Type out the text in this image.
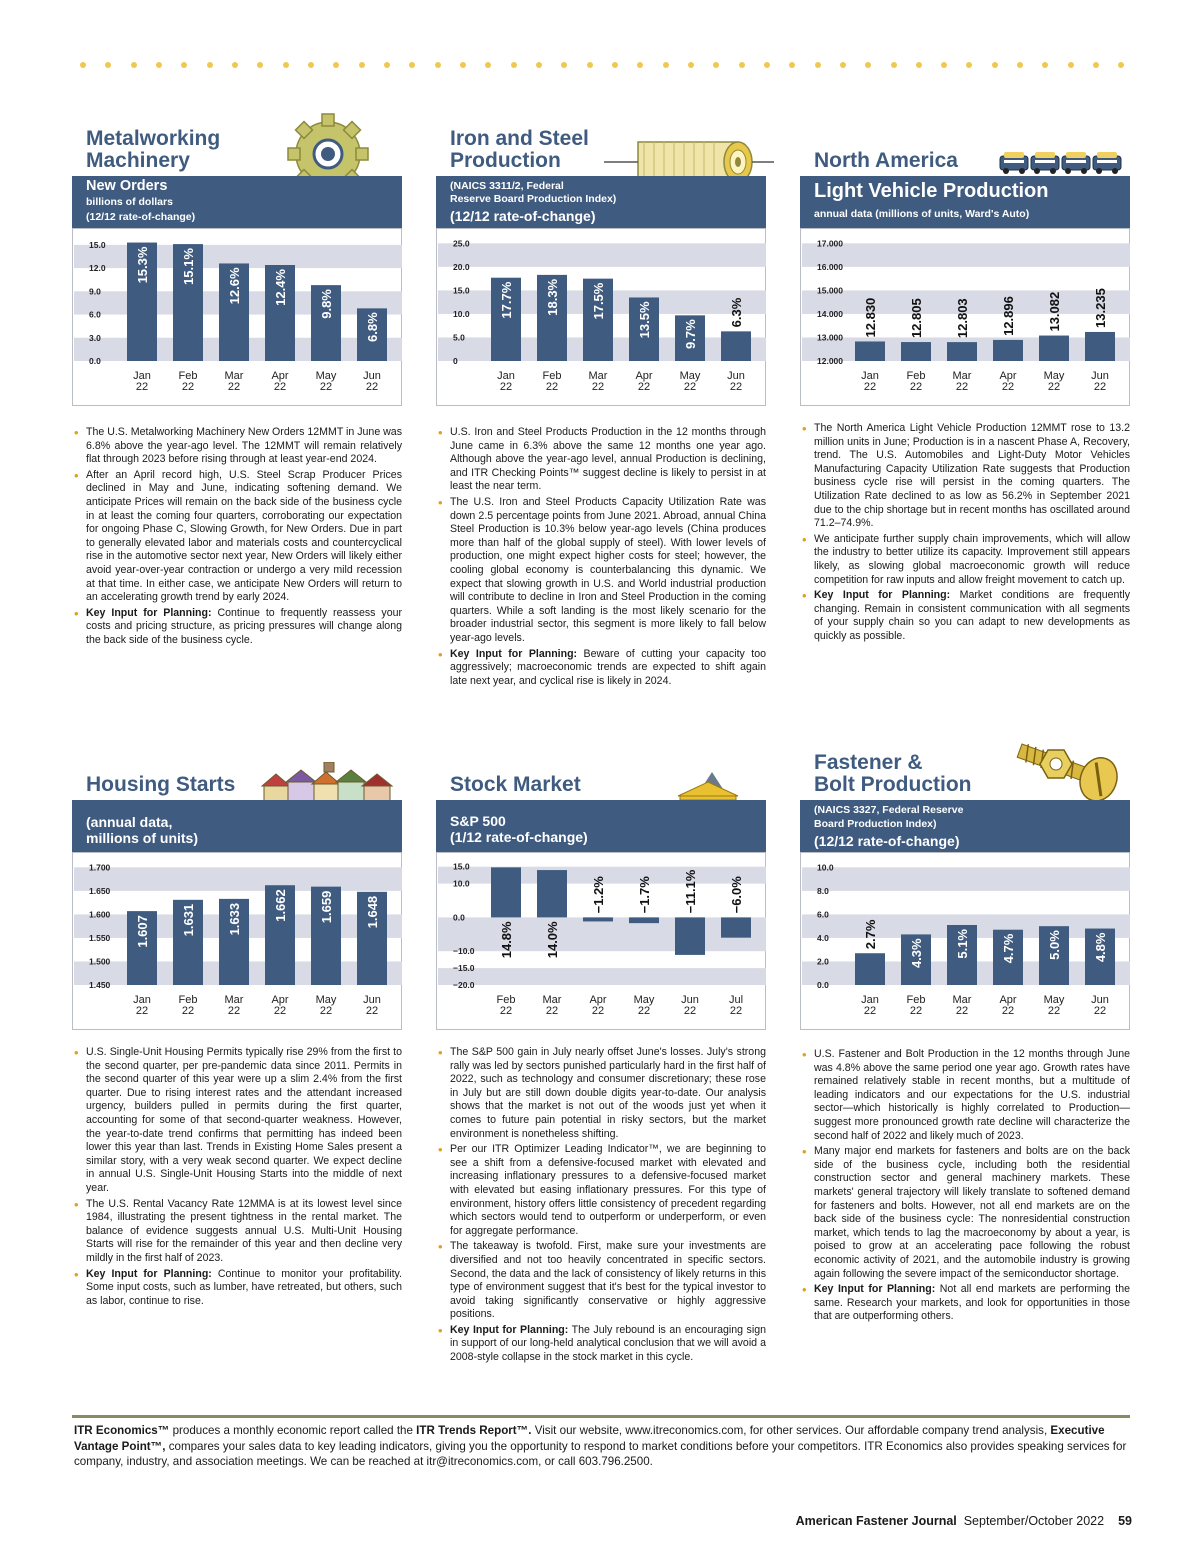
Metalworking
Machinery
New Orders
billions of dollars
(12/12 rate-of-change)
0.0
3.0
6.0
9.0
12.0
15.0
15.3%
Jan
22
15.1%
Feb
22
12.6%
Mar
22
12.4%
Apr
22
9.8%
May
22
6.8%
Jun
22
• The U.S. Metalworking Machinery New Orders 12MMT in June was 6.8% above the year-ago level. The 12MMT will remain relatively flat through 2023 before rising through at least year-end 2024.
• After an April record high, U.S. Steel Scrap Producer Prices declined in May and June, indicating softening demand. We anticipate Prices will remain on the back side of the business cycle in at least the coming four quarters, corroborating our expectation for ongoing Phase C, Slowing Growth, for New Orders. Due in part to generally elevated labor and materials costs and countercyclical rise in the automotive sector next year, New Orders will likely either avoid year-over-year contraction or undergo a very mild recession at that time. In either case, we anticipate New Orders will return to an accelerating growth trend by early 2024.
• Key Input for Planning: Continue to frequently reassess your costs and pricing structure, as pricing pressures will change along the back side of the business cycle.
Iron and Steel
Production
(NAICS 3311/2, Federal
Reserve Board Production Index)
(12/12 rate-of-change)
0
5.0
10.0
15.0
20.0
25.0
17.7%
Jan
22
18.3%
Feb
22
17.5%
Mar
22
13.5%
Apr
22
9.7%
May
22
6.3%
Jun
22
• U.S. Iron and Steel Products Production in the 12 months through June came in 6.3% above the same 12 months one year ago. Although above the year-ago level, annual Production is declining, and ITR Checking Points™ suggest decline is likely to persist in at least the near term.
• The U.S. Iron and Steel Products Capacity Utilization Rate was down 2.5 percentage points from June 2021. Abroad, annual China Steel Production is 10.3% below year-ago levels (China produces more than half of the global supply of steel). With lower levels of production, one might expect higher costs for steel; however, the cooling global economy is counterbalancing this dynamic. We expect that slowing growth in U.S. and World industrial production will contribute to decline in Iron and Steel Production in the coming quarters. While a soft landing is the most likely scenario for the broader industrial sector, this segment is more likely to fall below year-ago levels.
• Key Input for Planning: Beware of cutting your capacity too aggressively; macroeconomic trends are expected to shift again late next year, and cyclical rise is likely in 2024.
North America
Light Vehicle Production
annual data (millions of units, Ward's Auto)
12.000
13.000
14.000
15.000
16.000
17.000
12.830
Jan
22
12.805
Feb
22
12.803
Mar
22
12.896
Apr
22
13.082
May
22
13.235
Jun
22
• The North America Light Vehicle Production 12MMT rose to 13.2 million units in June; Production is in a nascent Phase A, Recovery, trend. The U.S. Automobiles and Light-Duty Motor Vehicles Manufacturing Capacity Utilization Rate suggests that Production business cycle rise will persist in the coming quarters. The Utilization Rate declined to as low as 56.2% in September 2021 due to the chip shortage but in recent months has oscillated around 71.2–74.9%.
• We anticipate further supply chain improvements, which will allow the industry to better utilize its capacity. Improvement still appears likely, as slowing global macroeconomic growth will reduce competition for raw inputs and allow freight movement to catch up.
• Key Input for Planning: Market conditions are frequently changing. Remain in consistent communication with all segments of your supply chain so you can adapt to new developments as quickly as possible.
Housing Starts
(annual data,
millions of units)
1.450
1.500
1.550
1.600
1.650
1.700
1.607
Jan
22
1.631
Feb
22
1.633
Mar
22
1.662
Apr
22
1.659
May
22
1.648
Jun
22
• U.S. Single-Unit Housing Permits typically rise 29% from the first to the second quarter, per pre-pandemic data since 2011. Permits in the second quarter of this year were up a slim 2.4% from the first quarter. Due to rising interest rates and the attendant increased urgency, builders pulled in permits during the first quarter, accounting for some of that second-quarter weakness. However, the year-to-date trend confirms that permitting has indeed been lower this year than last. Trends in Existing Home Sales present a similar story, with a very weak second quarter. We expect decline in annual U.S. Single-Unit Housing Starts into the middle of next year.
• The U.S. Rental Vacancy Rate 12MMA is at its lowest level since 1984, illustrating the present tightness in the rental market. The balance of evidence suggests annual U.S. Multi-Unit Housing Starts will rise for the remainder of this year and then decline very mildly in the first half of 2023.
• Key Input for Planning: Continue to monitor your profitability. Some input costs, such as lumber, have retreated, but others, such as labor, continue to rise.
Stock Market
S&P 500
(1/12 rate-of-change)
−20.0
−15.0
−10.0
0.0
10.0
15.0
14.8%
Feb
22
14.0%
Mar
22
−1.2%
Apr
22
−1.7%
May
22
−11.1%
Jun
22
−6.0%
Jul
22
• The S&P 500 gain in July nearly offset June's losses. July's strong rally was led by sectors punished particularly hard in the first half of 2022, such as technology and consumer discretionary; these rose in July but are still down double digits year-to-date. Our analysis shows that the market is not out of the woods just yet when it comes to future pain potential in risky sectors, but the market environment is nonetheless shifting.
• Per our ITR Optimizer Leading Indicator™, we are beginning to see a shift from a defensive-focused market with elevated and increasing inflationary pressures to a defensive-focused market with elevated but easing inflationary pressures. For this type of environment, history offers little consistency of precedent regarding which sectors would tend to outperform or underperform, or even for aggregate performance.
• The takeaway is twofold. First, make sure your investments are diversified and not too heavily concentrated in specific sectors. Second, the data and the lack of consistency of likely returns in this type of environment suggest that it's best for the typical investor to avoid taking significantly conservative or highly aggressive positions.
• Key Input for Planning: The July rebound is an encouraging sign in support of our long-held analytical conclusion that we will avoid a 2008-style collapse in the stock market in this cycle.
Fastener &
Bolt Production
(NAICS 3327, Federal Reserve
Board Production Index)
(12/12 rate-of-change)
0.0
2.0
4.0
6.0
8.0
10.0
2.7%
Jan
22
4.3%
Feb
22
5.1%
Mar
22
4.7%
Apr
22
5.0%
May
22
4.8%
Jun
22
• U.S. Fastener and Bolt Production in the 12 months through June was 4.8% above the same period one year ago. Growth rates have remained relatively stable in recent months, but a multitude of leading indicators and our expectations for the U.S. industrial sector—which historically is highly correlated to Production—suggest more pronounced growth rate decline will characterize the second half of 2022 and likely much of 2023.
• Many major end markets for fasteners and bolts are on the back side of the business cycle, including both the residential construction sector and general machinery markets. These markets' general trajectory will likely translate to softened demand for fasteners and bolts. However, not all end markets are on the back side of the business cycle: The nonresidential construction market, which tends to lag the macroeconomy by about a year, is poised to grow at an accelerating pace following the robust economic activity of 2021, and the automobile industry is growing again following the severe impact of the semiconductor shortage.
• Key Input for Planning: Not all end markets are performing the same. Research your markets, and look for opportunities in those that are outperforming others.
ITR Economics™ produces a monthly economic report called the ITR Trends Report™. Visit our website, www.itreconomics.com, for other services. Our affordable company trend analysis, Executive Vantage Point™, compares your sales data to key leading indicators, giving you the opportunity to respond to market conditions before your competitors. ITR Economics also provides speaking services for company, industry, and association meetings. We can be reached at itr@itreconomics.com, or call 603.796.2500.
American Fastener Journal September/October 2022 59
